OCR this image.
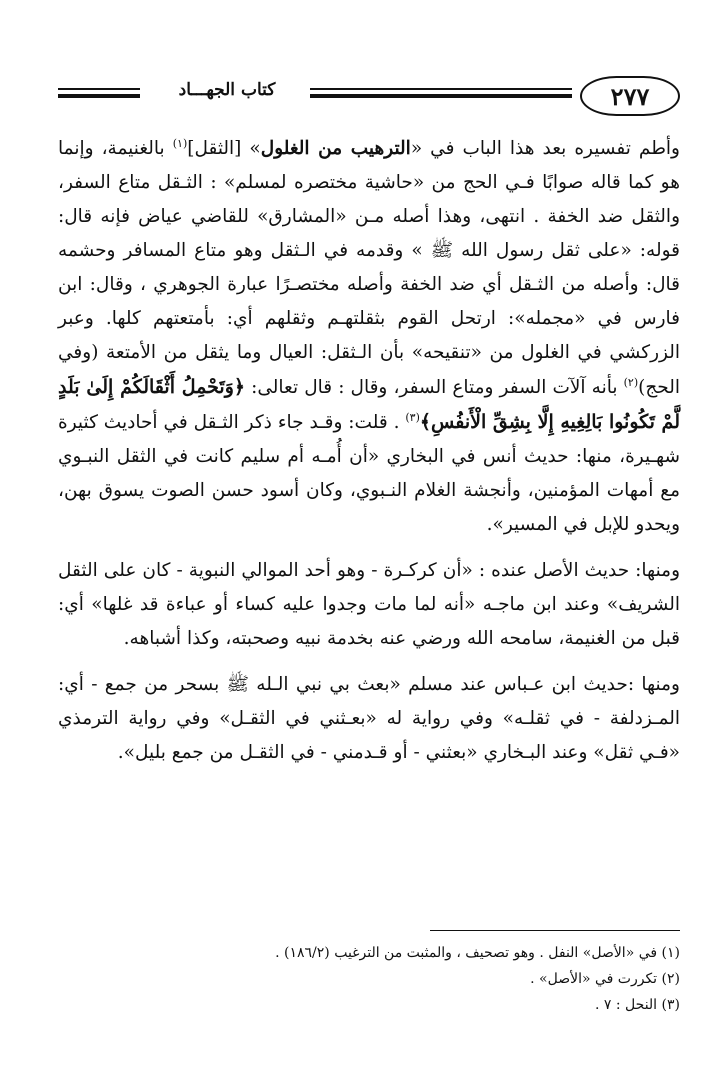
٢٧٧
كتاب الجهـــاد

وأطم تفسيره بعد هذا الباب في «الترهيب من الغلول» [الثقل]$^{(١)}$ بالغنيمة، وإنما هو كما قاله صوابًا فـي الحج من «حاشية مختصره لمسلم» : الثـقل متاع السفر، والثقل ضد الخفة . انتهى، وهذا أصله مـن «المشارق» للقاضي عياض فإنه قال: قوله: «على ثقل رسول الله ﷺ » وقدمه في الـثقل وهو متاع المسافر وحشمه قال: وأصله من الثـقل أي ضد الخفة وأصله مختصـرًا عبارة الجوهري ، وقال: ابن فارس في «مجمله»: ارتحل القوم بثقلتهـم وثقلهم أي: بأمتعتهم كلها. وعبر الزركشي في الغلول من «تنقيحه» بأن الـثقل: العيال وما يثقل من الأمتعة (وفي الحج)$^{(٢)}$ بأنه آلآت السفر ومتاع السفر، وقال : قال تعالى: ﴿وَتَحْمِلُ أَثْقَالَكُمْ إِلَىٰ بَلَدٍ لَّمْ تَكُونُوا بَالِغِيهِ إِلَّا بِشِقِّ الْأَنفُسِ﴾$^{(٣)}$ . قلت: وقـد جاء ذكر الثـقل في أحاديث كثيرة شهـيرة، منها: حديث أنس في البخاري «أن أُمـه أم سليم كانت في الثقل النبـوي مع أمهات المؤمنين، وأنجشة الغلام النـبوي، وكان أسود حسن الصوت يسوق بهن، ويحدو للإبل في المسير».

ومنها: حديث الأصل عنده : «أن كركـرة - وهو أحد الموالي النبوية - كان على الثقل الشريف» وعند ابن ماجـه «أنه لما مات وجدوا عليه كساء أو عباءة قد غلها» أي: قبل من الغنيمة، سامحه الله ورضي عنه بخدمة نبيه وصحبته، وكذا أشباهه.

ومنها :حديث ابن عـباس عند مسلم «بعث بي نبي الـله ﷺ بسحر من جمع - أي: المـزدلفة - في ثقلـه» وفي رواية له «بعـثني في الثقـل» وفي رواية الترمذي «فـي ثقل» وعند البـخاري «بعثني - أو قـدمني - في الثقـل من جمع بليل».

(١) في «الأصل» النفل . وهو تصحيف ، والمثبت من الترغيب (١٨٦/٢) .

(٢) تكررت في «الأصل» .

(٣) النحل : ٧ .
